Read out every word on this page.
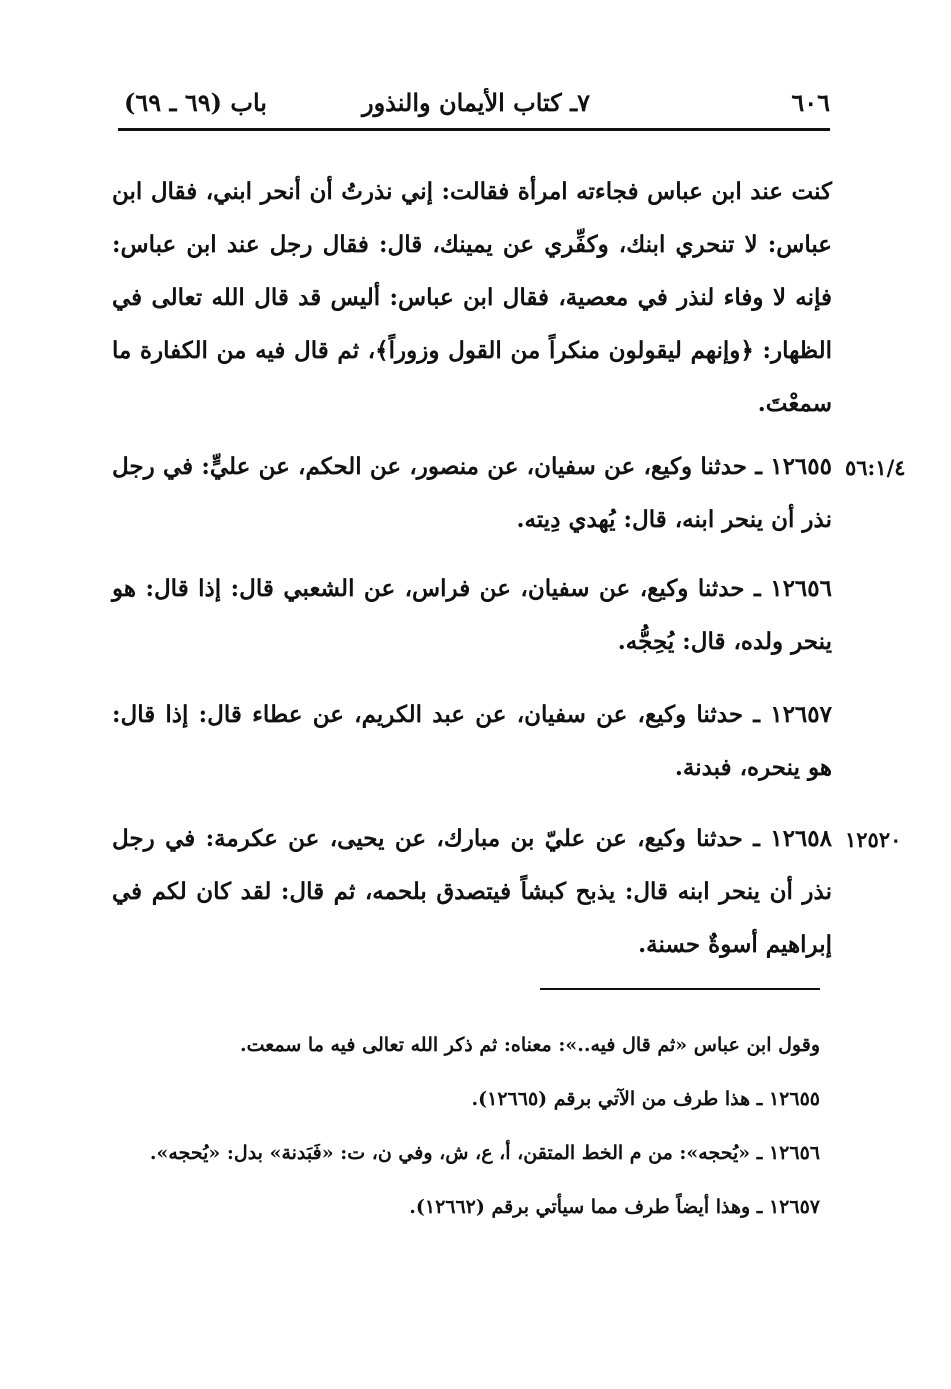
٦٠٦
٧ـ كتاب الأيمان والنذور
باب (٦٩ ـ ٦٩)

كنت عند ابن عباس فجاءته امرأة فقالت: إني نذرتُ أن أنحر ابني، فقال ابن عباس: لا تنحري ابنك، وكفِّري عن يمينك، قال: فقال رجل عند ابن عباس: فإنه لا وفاء لنذر في معصية، فقال ابن عباس: أليس قد قال الله تعالى في الظهار: ﴿وإنهم ليقولون منكراً من القول وزوراً﴾، ثم قال فيه من الكفارة ما سمعْتَ.

١٢٦٥٥ ـ حدثنا وكيع، عن سفيان، عن منصور، عن الحكم، عن عليٍّ: في رجل نذر أن ينحر ابنه، قال: يُهدي دِيته.

٥٦:١/٤

١٢٦٥٦ ـ حدثنا وكيع، عن سفيان، عن فراس، عن الشعبي قال: إذا قال: هو ينحر ولده، قال: يُحِجُّه.

١٢٦٥٧ ـ حدثنا وكيع، عن سفيان، عن عبد الكريم، عن عطاء قال: إذا قال: هو ينحره، فبدنة.

١٢٦٥٨ ـ حدثنا وكيع، عن عليّ بن مبارك، عن يحيى، عن عكرمة: في رجل نذر أن ينحر ابنه قال: يذبح كبشاً فيتصدق بلحمه، ثم قال: لقد كان لكم في إبراهيم أسوةٌ حسنة.

١٢٥٢٠

وقول ابن عباس «ثم قال فيه..»: معناه: ثم ذكر الله تعالى فيه ما سمعت.

١٢٦٥٥ ـ هذا طرف من الآتي برقم (١٢٦٦٥).

١٢٦٥٦ ـ «يُحجه»: من م الخط المتقن، أ، ع، ش، وفي ن، ت: «فَبَدنة» بدل: «يُحجه».

١٢٦٥٧ ـ وهذا أيضاً طرف مما سيأتي برقم (١٢٦٦٢).
